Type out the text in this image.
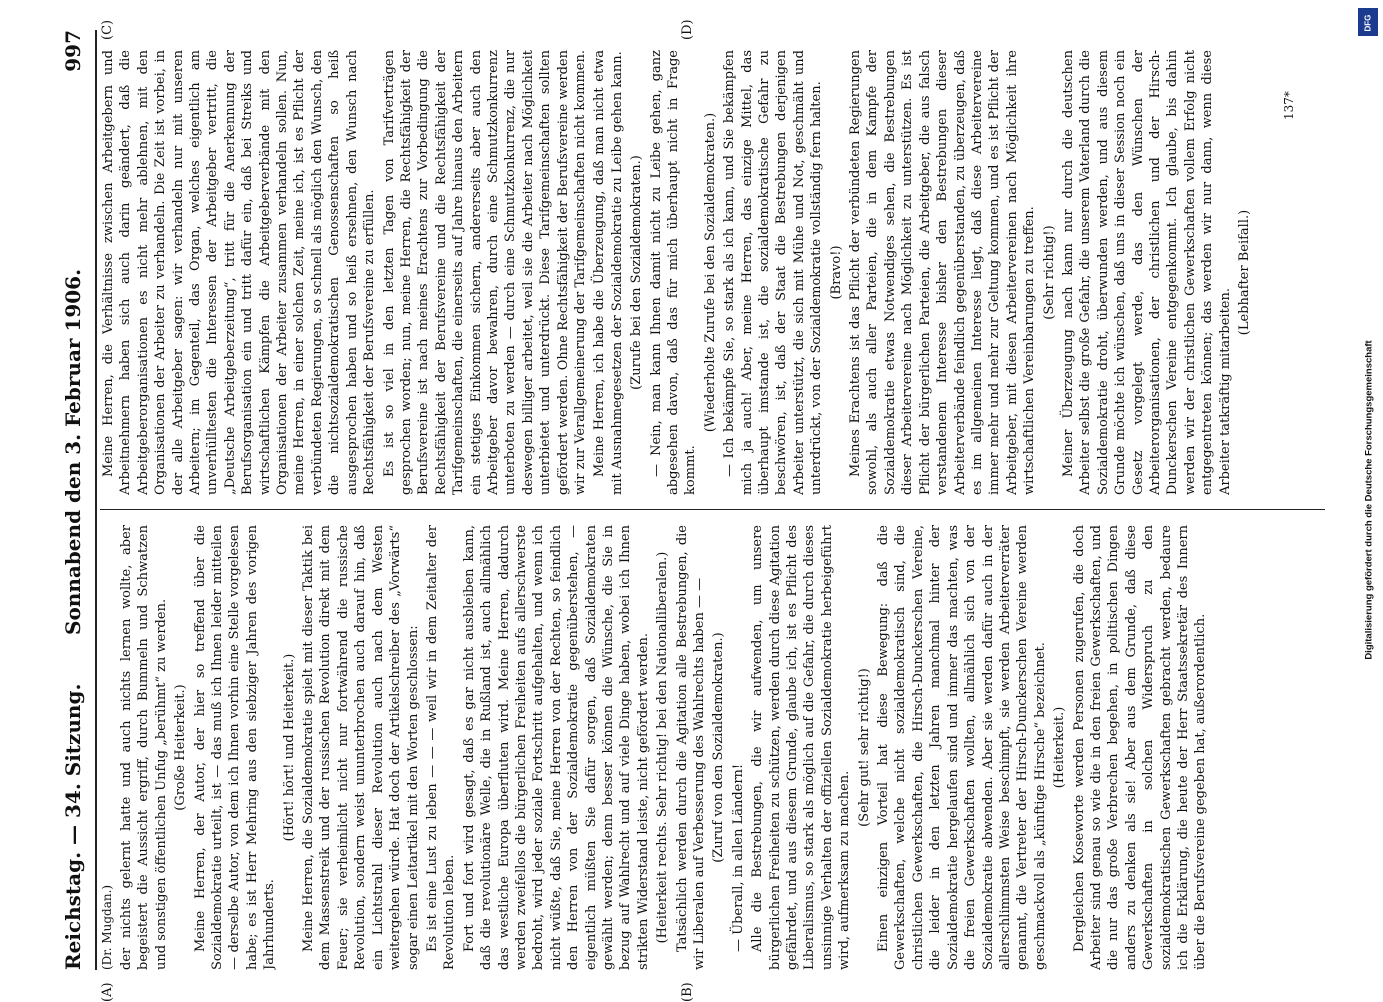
Reichstag. — 34. Sitzung.
Sonnabend den 3. Februar 1906.
997
(Dr. Mugdan.)
(A)	(B)
(C)	(D)

der nichts gelernt hatte und auch nichts lernen wollte, aber begeistert die Aussicht ergriff, durch Bummeln und Schwatzen und sonstigen öffentlichen Unfug „berühmt“ zu werden. (Große Heiterkeit.) Meine Herren, der Autor, der hier so treffend über die Sozialdemokratie urteilt, ist — das muß ich Ihnen leider mitteilen — derselbe Autor, von dem ich Ihnen vorhin eine Stelle vorgelesen habe; es ist Herr Mehring aus den siebziger Jahren des vorigen Jahrhunderts.

(Hört! hört! und Heiterkeit.) Meine Herren, die Sozialdemokratie spielt mit dieser Taktik bei dem Massenstreik und der russischen Revolution direkt mit dem Feuer; sie verheimlicht nicht nur fortwährend die russische Revolution, sondern weist ununterbrochen auch darauf hin, daß ein Lichtstrahl dieser Revolution auch nach dem Westen weitergehen würde. Hat doch der Artikelschreiber des „Vorwärts“ sogar einen Leitartikel mit den Worten geschlossen: Es ist eine Lust zu leben — — — weil wir in dem Zeitalter der Revolution leben. Fort und fort wird gesagt, daß es gar nicht ausbleiben kann, daß die revolutionäre Welle, die in Rußland ist, auch allmählich das westliche Europa überfluten wird. Meine Herren, dadurch werden zweifellos die bürgerlichen Freiheiten aufs allerschwerste bedroht, wird jeder soziale Fortschritt aufgehalten, und wenn ich nicht wüßte, daß Sie, meine Herren von der Rechten, so feindlich den Herren von der Sozialdemokratie gegenüberstehen, — eigentlich müßten Sie dafür sorgen, daß Sozialdemokraten gewählt werden; denn besser können die Wünsche, die Sie in bezug auf Wahlrecht und auf viele Dinge haben, wobei ich Ihnen strikten Widerstand leiste, nicht gefördert werden. (Heiterkeit rechts. Sehr richtig! bei den Nationalliberalen.) Tatsächlich werden durch die Agitation alle Bestrebungen, die wir Liberalen auf Verbesserung des Wahlrechts haben — — (Zuruf von den Sozialdemokraten.) — Überall, in allen Ländern! Alle die Bestrebungen, die wir aufwenden, um unsere bürgerlichen Freiheiten zu schützen, werden durch diese Agitation gefährdet, und aus diesem Grunde, glaube ich, ist es Pflicht des Liberalismus, so stark als möglich auf die Gefahr, die durch dieses unsinnige Verhalten der offiziellen Sozialdemokratie herbeigeführt wird, aufmerksam zu machen.

(Sehr gut! sehr richtig!) Einen einzigen Vorteil hat diese Bewegung: daß die Gewerkschaften, welche nicht sozialdemokratisch sind, die christlichen Gewerkschaften, die Hirsch-Dunckerschen Vereine, die leider in den letzten Jahren manchmal hinter der Sozialdemokratie hergelaufen sind und immer das machten, was die freien Gewerkschaften wollten, allmählich sich von der Sozialdemokratie abwenden. Aber sie werden dafür auch in der allerschlimmsten Weise beschimpft, sie werden Arbeiterverräter genannt, die Vertreter der Hirsch-Dunckerschen Vereine werden geschmackvoll als „künftige Hirsche“ bezeichnet. (Heiterkeit.) Dergleichen Koseworte werden Personen zugerufen, die doch Arbeiter sind genau so wie die in den freien Gewerkschaften, und die nur das große Verbrechen begehen, in politischen Dingen anders zu denken als sie! Aber aus dem Grunde, daß diese Gewerkschaften in solchen Widerspruch zu den sozialdemokratischen Gewerkschaften gebracht werden, bedaure ich die Erklärung, die heute der Herr Staatssekretär des Innern über die Berufsvereine gegeben hat, außerordentlich.

Meine Herren, die Verhältnisse zwischen Arbeitgebern und Arbeitnehmern haben sich auch darin geändert, daß die Arbeitgeberorganisationen es nicht mehr ablehnen, mit den Organisationen der Arbeiter zu verhandeln. Die Zeit ist vorbei, in der alle Arbeitgeber sagen: wir verhandeln nur mit unseren Arbeitern; im Gegenteil, das Organ, welches eigentlich am unverhülltesten die Interessen der Arbeitgeber vertritt, die „Deutsche Arbeitgeberzeitung“, tritt für die Anerkennung der Berufsorganisation ein und tritt dafür ein, daß bei Streiks und wirtschaftlichen Kämpfen die Arbeitgeberverbände mit den Organisationen der Arbeiter zusammen verhandeln sollen. Nun, meine Herren, in einer solchen Zeit, meine ich, ist es Pflicht der verbündeten Regierungen, so schnell als möglich den Wunsch, den die nichtsozialdemokratischen Genossenschaften so heiß ausgesprochen haben und so heiß ersehnen, den Wunsch nach Rechtsfähigkeit der Berufsvereine zu erfüllen. Es ist so viel in den letzten Tagen von Tarifverträgen gesprochen worden; nun, meine Herren, die Rechtsfähigkeit der Berufsvereine ist nach meines Erachtens zur Vorbedingung die Rechtsfähigkeit der Berufsvereine und die Rechtsfähigkeit der Tarifgemeinschaften, die einerseits auf Jahre hinaus den Arbeitern ein stetiges Einkommen sichern, andererseits aber auch den Arbeitgeber davor bewahren, durch eine Schmutzkonkurrenz unterboten zu werden — durch eine Schmutzkonkurrenz, die nur deswegen billiger arbeitet, weil sie die Arbeiter nach Möglichkeit unterbietet und unterdrückt. Diese Tarifgemeinschaften sollten gefördert werden. Ohne Rechtsfähigkeit der Berufsvereine werden wir zur Verallgemeinerung der Tarifgemeinschaften nicht kommen. Meine Herren, ich habe die Überzeugung, daß man nicht etwa mit Ausnahmegesetzen der Sozialdemokratie zu Leibe gehen kann. (Zurufe bei den Sozialdemokraten.) — Nein, man kann Ihnen damit nicht zu Leibe gehen, ganz abgesehen davon, daß das für mich überhaupt nicht in Frage kommt.

(Wiederholte Zurufe bei den Sozialdemokraten.) — Ich bekämpfe Sie, so stark als ich kann, und Sie bekämpfen mich ja auch! Aber, meine Herren, das einzige Mittel, das überhaupt imstande ist, die sozialdemokratische Gefahr zu beschwören, ist, daß der Staat die Bestrebungen derjenigen Arbeiter unterstützt, die sich mit Mühe und Not, geschmäht und unterdrückt, von der Sozialdemokratie vollständig fern halten. (Bravo!) Meines Erachtens ist das Pflicht der verbündeten Regierungen sowohl, als auch aller Parteien, die in dem Kampfe der Sozialdemokratie etwas Notwendiges sehen, die Bestrebungen dieser Arbeitervereine nach Möglichkeit zu unterstützen. Es ist Pflicht der bürgerlichen Parteien, die Arbeitgeber, die aus falsch verstandenem Interesse bisher den Bestrebungen dieser Arbeiterverbände feindlich gegenüberstanden, zu überzeugen, daß es im allgemeinen Interesse liegt, daß diese Arbeitervereine immer mehr und mehr zur Geltung kommen, und es ist Pflicht der Arbeitgeber, mit diesen Arbeitervereinen nach Möglichkeit ihre wirtschaftlichen Vereinbarungen zu treffen. (Sehr richtig!) Meiner Überzeugung nach kann nur durch die deutschen Arbeiter selbst die große Gefahr, die unserem Vaterland durch die Sozialdemokratie droht, überwunden werden, und aus diesem Grunde möchte ich wünschen, daß uns in dieser Session noch ein Gesetz vorgelegt werde, das den Wünschen der Arbeiterorganisationen, der christlichen und der Hirsch-Dunckerschen Vereine entgegenkommt. Ich glaube, bis dahin werden wir der christlichen Gewerkschaften vollem Erfolg nicht entgegentreten können; das werden wir nur dann, wenn diese Arbeiter tatkräftig mitarbeiten.

(Lebhafter Beifall.)

137*
DFG
Digitalisierung gefördert durch die Deutsche Forschungsgemeinschaft
